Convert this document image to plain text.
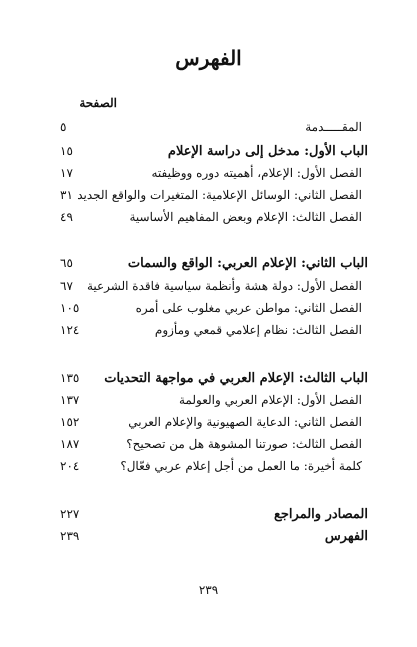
الفهرس
الصفحة
المقـــــدمة
٥
الباب الأول: مدخل إلى دراسة الإعلام
١٥
الفصل الأول: الإعلام، أهميته دوره ووظيفته
١٧
الفصل الثاني: الوسائل الإعلامية: المتغيرات والواقع الجديد
٣١
الفصل الثالث: الإعلام وبعض المفاهيم الأساسية
٤٩
الباب الثاني: الإعلام العربي: الواقع والسمات
٦٥
الفصل الأول: دولة هشة وأنظمة سياسية فاقدة الشرعية
٦٧
الفصل الثاني: مواطن عربي مغلوب على أمره
١٠٥
الفصل الثالث: نظام إعلامي قمعي ومأزوم
١٢٤
الباب الثالث: الإعلام العربي في مواجهة التحديات
١٣٥
الفصل الأول: الإعلام العربي والعولمة
١٣٧
الفصل الثاني: الدعاية الصهيونية والإعلام العربي
١٥٢
الفصل الثالث: صورتنا المشوهة هل من تصحيح؟
١٨٧
كلمة أخيرة: ما العمل من أجل إعلام عربي فعّال؟
٢٠٤
المصادر والمراجع
٢٢٧
الفهرس
٢٣٩
٢٣٩
